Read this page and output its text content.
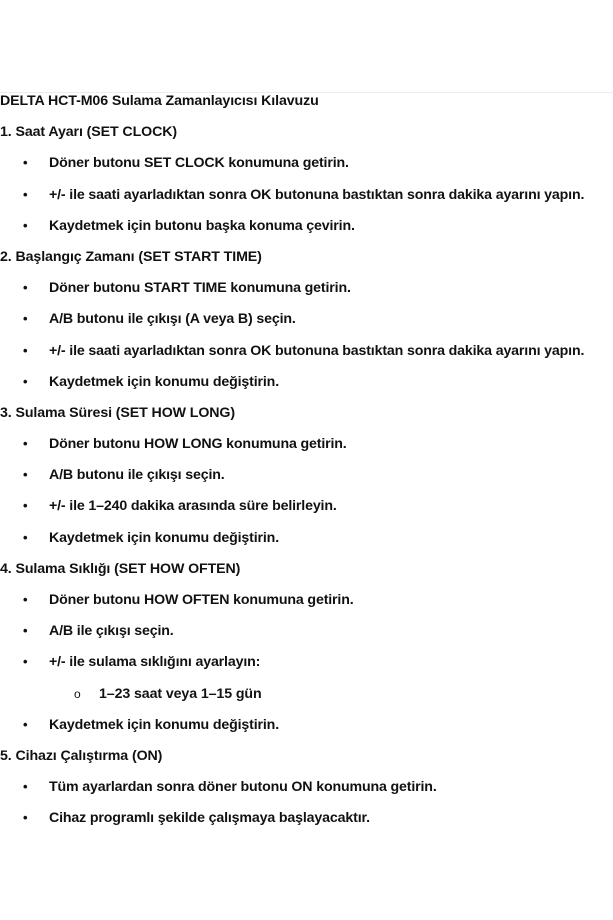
DELTA HCT-M06 Sulama Zamanlayıcısı Kılavuzu
1. Saat Ayarı (SET CLOCK)
• Döner butonu SET CLOCK konumuna getirin.
• +/- ile saati ayarladıktan sonra OK butonuna bastıktan sonra dakika ayarını yapın.
• Kaydetmek için butonu başka konuma çevirin.
2. Başlangıç Zamanı (SET START TIME)
• Döner butonu START TIME konumuna getirin.
• A/B butonu ile çıkışı (A veya B) seçin.
• +/- ile saati ayarladıktan sonra OK butonuna bastıktan sonra dakika ayarını yapın.
• Kaydetmek için konumu değiştirin.
3. Sulama Süresi (SET HOW LONG)
• Döner butonu HOW LONG konumuna getirin.
• A/B butonu ile çıkışı seçin.
• +/- ile 1–240 dakika arasında süre belirleyin.
• Kaydetmek için konumu değiştirin.
4. Sulama Sıklığı (SET HOW OFTEN)
• Döner butonu HOW OFTEN konumuna getirin.
• A/B ile çıkışı seçin.
• +/- ile sulama sıklığını ayarlayın:
o 1–23 saat veya 1–15 gün
• Kaydetmek için konumu değiştirin.
5. Cihazı Çalıştırma (ON)
• Tüm ayarlardan sonra döner butonu ON konumuna getirin.
• Cihaz programlı şekilde çalışmaya başlayacaktır.
